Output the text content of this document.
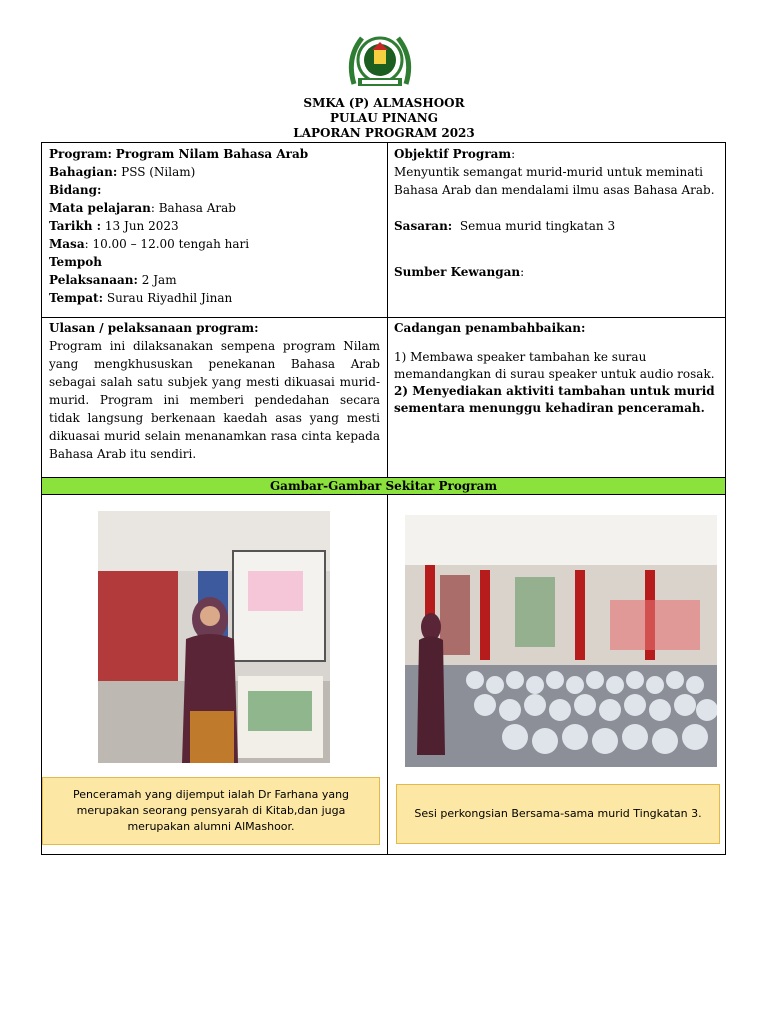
SMKA (P) ALMASHOOR
PULAU PINANG
LAPORAN PROGRAM 2023
Program: Program Nilam Bahasa Arab
Bahagian: PSS (Nilam)
Bidang:
Mata pelajaran: Bahasa Arab
Tarikh : 13 Jun 2023
Masa: 10.00 – 12.00 tengah hari
Tempoh
Pelaksanaan: 2 Jam
Tempat: Surau Riyadhil Jinan
Objektif Program:
Menyuntik semangat murid-murid untuk meminati Bahasa Arab dan mendalami ilmu asas Bahasa Arab.
Sasaran: Semua murid tingkatan 3
Sumber Kewangan:
Ulasan / pelaksanaan program:
Program ini dilaksanakan sempena program Nilam yang mengkhususkan penekanan Bahasa Arab sebagai salah satu subjek yang mesti dikuasai murid-murid. Program ini memberi pendedahan secara tidak langsung berkenaan kaedah asas yang mesti dikuasai murid selain menanamkan rasa cinta kepada Bahasa Arab itu sendiri.
Cadangan penambahbaikan:
1) Membawa speaker tambahan ke surau memandangkan di surau speaker untuk audio rosak.
2) Menyediakan aktiviti tambahan untuk murid sementara menunggu kehadiran penceramah.
Gambar-Gambar Sekitar Program
Penceramah yang dijemput ialah Dr Farhana yang merupakan seorang pensyarah di Kitab,dan juga merupakan alumni AlMashoor.
Sesi perkongsian Bersama-sama murid Tingkatan 3.
